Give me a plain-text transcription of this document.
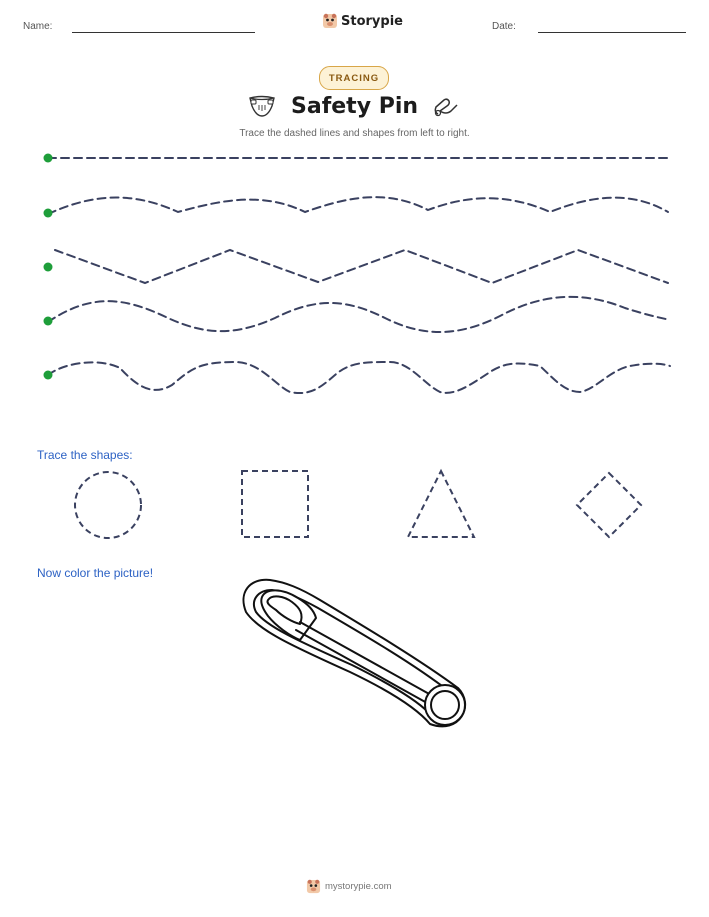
Name:	Storypie	Date:
TRACING
Safety Pin
Trace the dashed lines and shapes from left to right.
Trace the shapes:
Now color the picture!
mystorypie.com
